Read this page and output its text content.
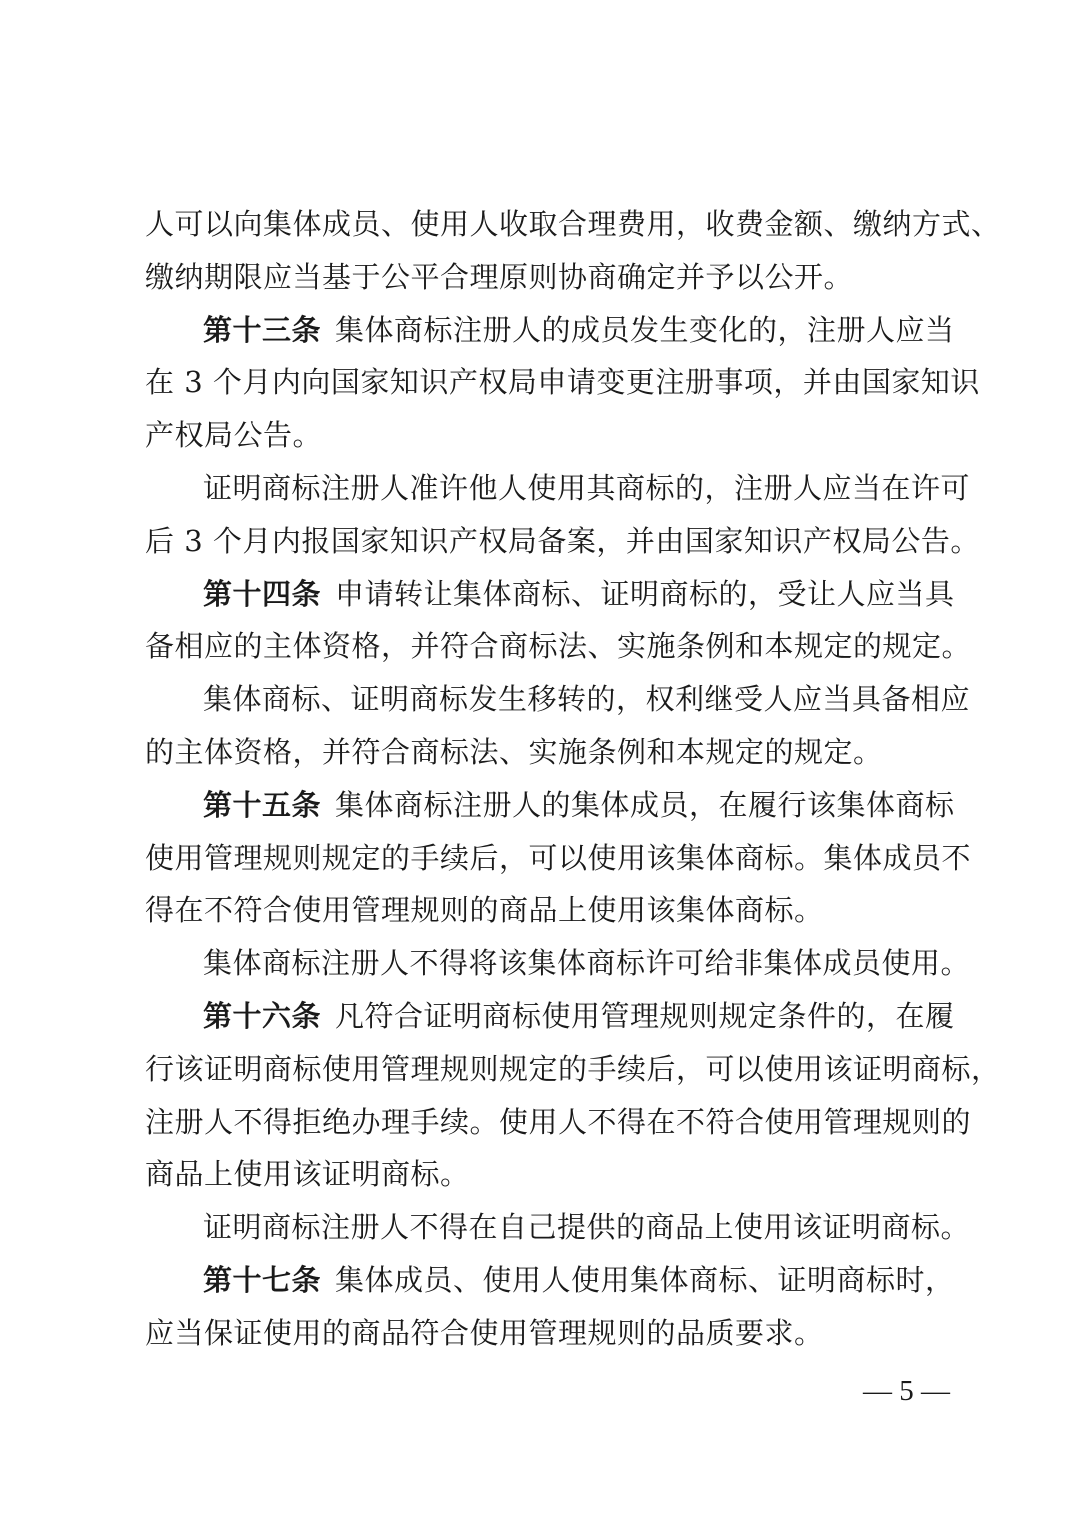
人可以向集体成员、使用人收取合理费用，收费金额、缴纳方式、
缴纳期限应当基于公平合理原则协商确定并予以公开。
第十三条 集体商标注册人的成员发生变化的，注册人应当
在 3 个月内向国家知识产权局申请变更注册事项，并由国家知识
产权局公告。
证明商标注册人准许他人使用其商标的，注册人应当在许可
后 3 个月内报国家知识产权局备案，并由国家知识产权局公告。
第十四条 申请转让集体商标、证明商标的，受让人应当具
备相应的主体资格，并符合商标法、实施条例和本规定的规定。
集体商标、证明商标发生移转的，权利继受人应当具备相应
的主体资格，并符合商标法、实施条例和本规定的规定。
第十五条 集体商标注册人的集体成员，在履行该集体商标
使用管理规则规定的手续后，可以使用该集体商标。集体成员不
得在不符合使用管理规则的商品上使用该集体商标。
集体商标注册人不得将该集体商标许可给非集体成员使用。
第十六条 凡符合证明商标使用管理规则规定条件的，在履
行该证明商标使用管理规则规定的手续后，可以使用该证明商标，
注册人不得拒绝办理手续。使用人不得在不符合使用管理规则的
商品上使用该证明商标。
证明商标注册人不得在自己提供的商品上使用该证明商标。
第十七条 集体成员、使用人使用集体商标、证明商标时，
应当保证使用的商品符合使用管理规则的品质要求。
— 5 —
